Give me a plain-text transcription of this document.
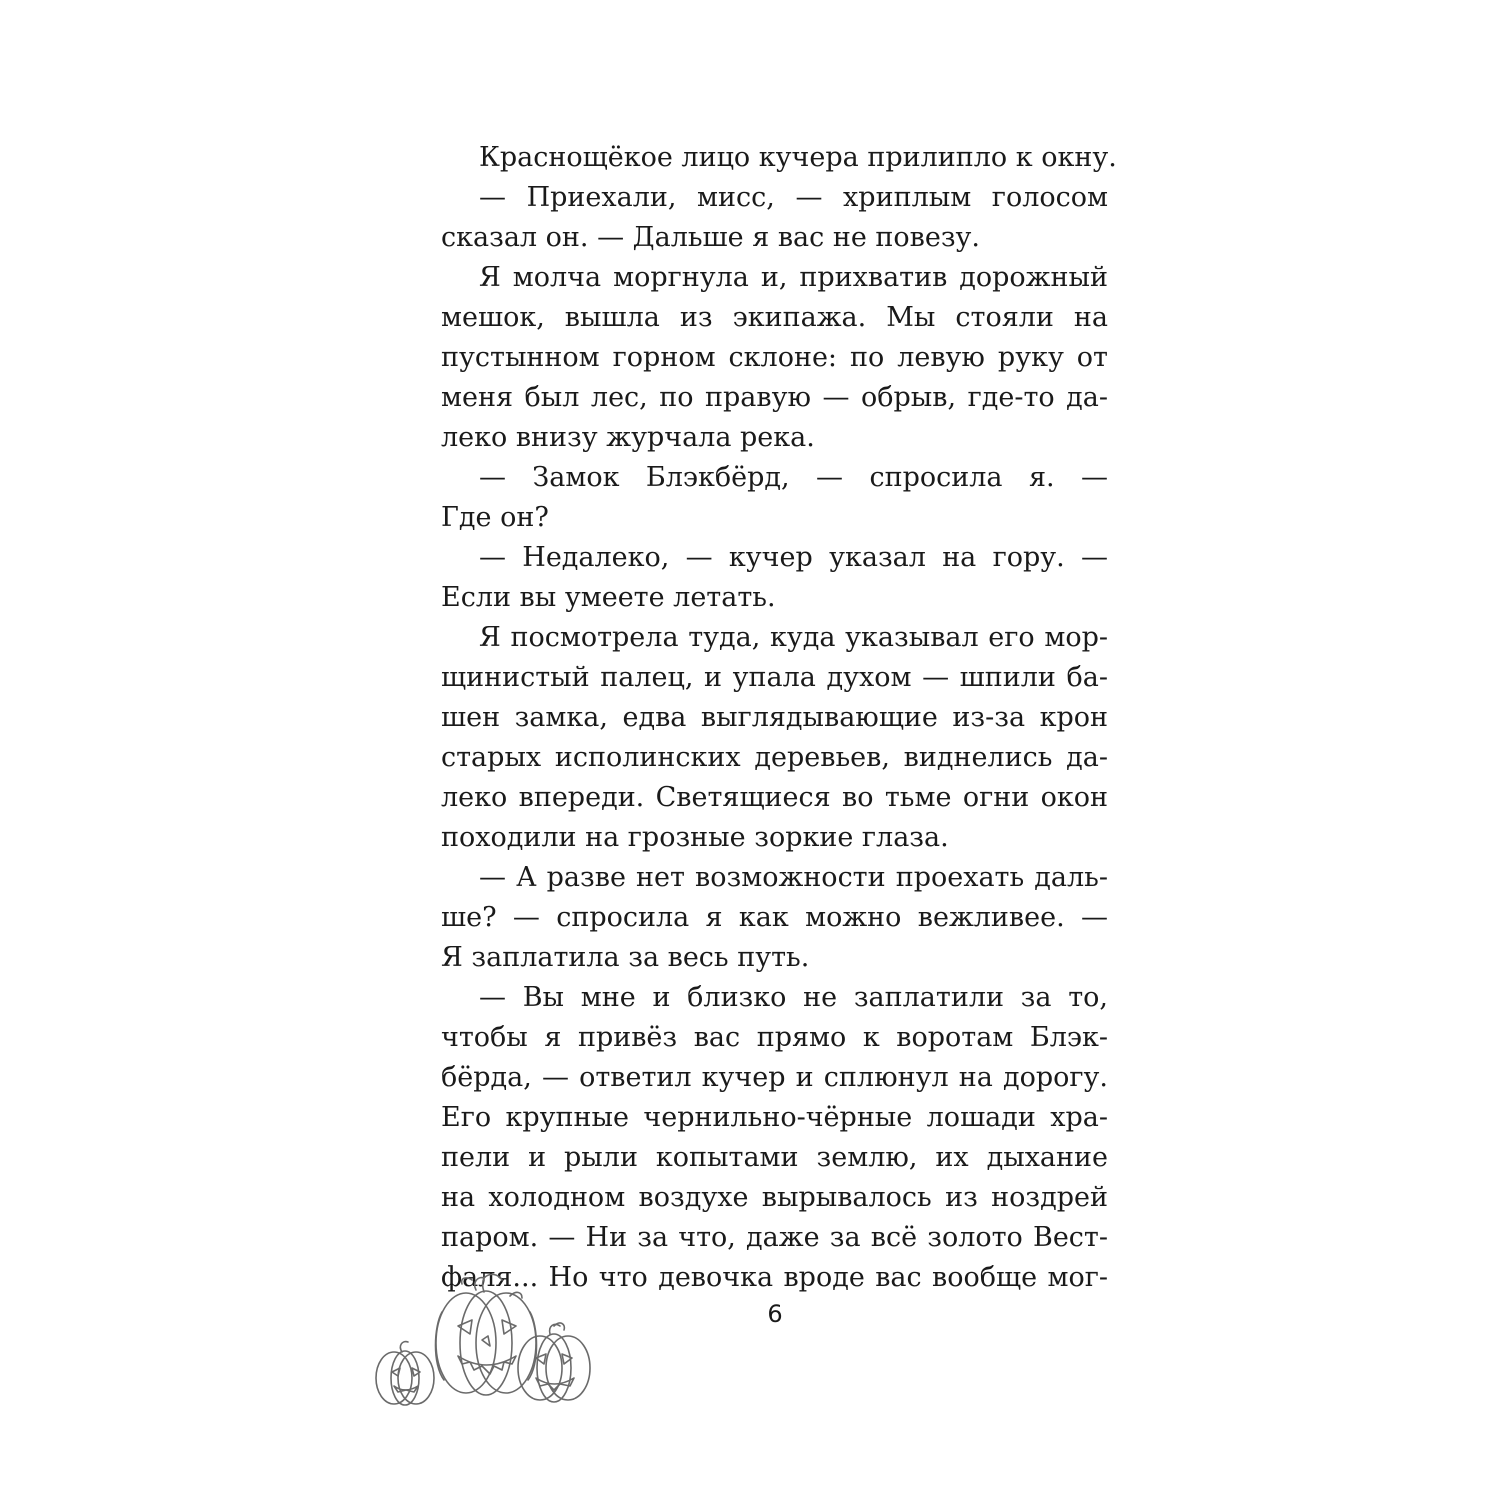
Краснощёкое лицо кучера прилипло к окну.
— Приехали, мисс, — хриплым голосом
сказал он. — Дальше я вас не повезу.
Я молча моргнула и, прихватив дорожный
мешок, вышла из экипажа. Мы стояли на
пустынном горном склоне: по левую руку от
меня был лес, по правую — обрыв, где-то да-
леко внизу журчала река.
— Замок Блэкбёрд, — спросила я. —
Где он?
— Недалеко, — кучер указал на гору. —
Если вы умеете летать.
Я посмотрела туда, куда указывал его мор-
щинистый палец, и упала духом — шпили ба-
шен замка, едва выглядывающие из-за крон
старых исполинских деревьев, виднелись да-
леко впереди. Светящиеся во тьме огни окон
походили на грозные зоркие глаза.
— А разве нет возможности проехать даль-
ше? — спросила я как можно вежливее. —
Я заплатила за весь путь.
— Вы мне и близко не заплатили за то,
чтобы я привёз вас прямо к воротам Блэк-
бёрда, — ответил кучер и сплюнул на дорогу.
Его крупные чернильно-чёрные лошади хра-
пели и рыли копытами землю, их дыхание
на холодном воздухе вырывалось из ноздрей
паром. — Ни за что, даже за всё золото Вест-
фаля... Но что девочка вроде вас вообще мог-
6
